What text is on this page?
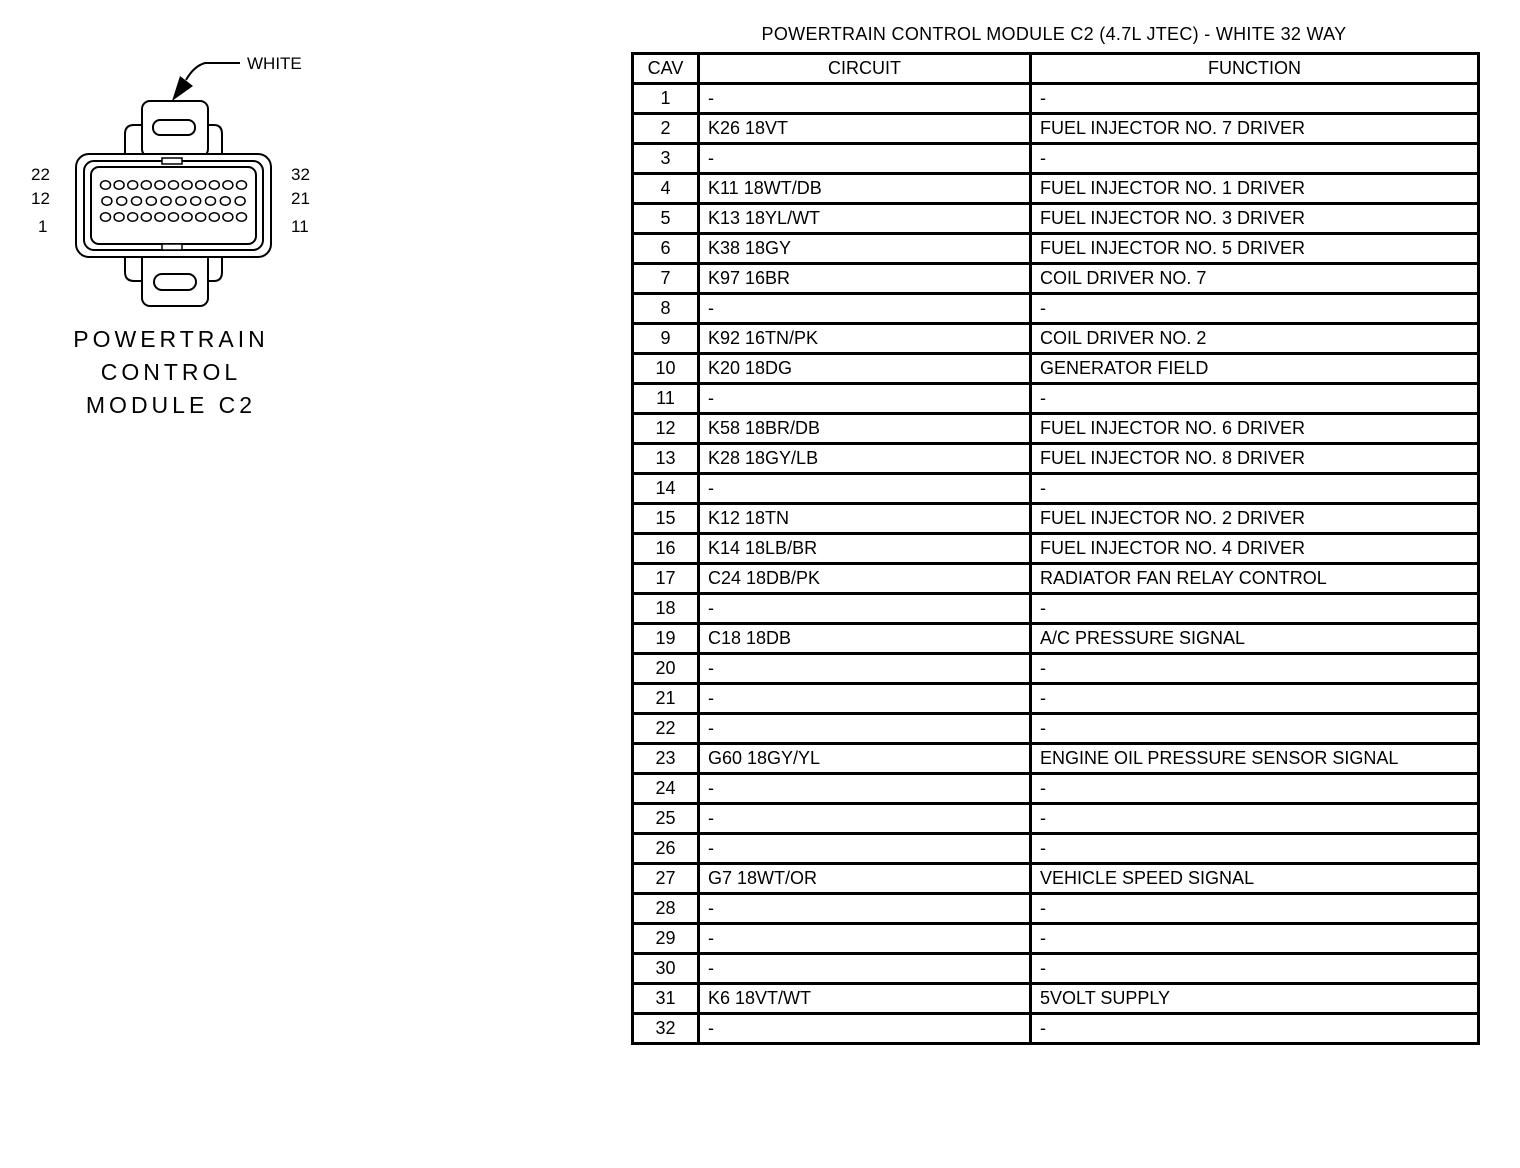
WHITE
22
12
1
32
21
11
POWERTRAIN
CONTROL
MODULE C2
POWERTRAIN CONTROL MODULE C2 (4.7L JTEC) - WHITE 32 WAY
CAV	CIRCUIT	FUNCTION
1	-	-
2	K26 18VT	FUEL INJECTOR NO. 7 DRIVER
3	-	-
4	K11 18WT/DB	FUEL INJECTOR NO. 1 DRIVER
5	K13 18YL/WT	FUEL INJECTOR NO. 3 DRIVER
6	K38 18GY	FUEL INJECTOR NO. 5 DRIVER
7	K97 16BR	COIL DRIVER NO. 7
8	-	-
9	K92 16TN/PK	COIL DRIVER NO. 2
10	K20 18DG	GENERATOR FIELD
11	-	-
12	K58 18BR/DB	FUEL INJECTOR NO. 6 DRIVER
13	K28 18GY/LB	FUEL INJECTOR NO. 8 DRIVER
14	-	-
15	K12 18TN	FUEL INJECTOR NO. 2 DRIVER
16	K14 18LB/BR	FUEL INJECTOR NO. 4 DRIVER
17	C24 18DB/PK	RADIATOR FAN RELAY CONTROL
18	-	-
19	C18 18DB	A/C PRESSURE SIGNAL
20	-	-
21	-	-
22	-	-
23	G60 18GY/YL	ENGINE OIL PRESSURE SENSOR SIGNAL
24	-	-
25	-	-
26	-	-
27	G7 18WT/OR	VEHICLE SPEED SIGNAL
28	-	-
29	-	-
30	-	-
31	K6 18VT/WT	5VOLT SUPPLY
32	-	-
